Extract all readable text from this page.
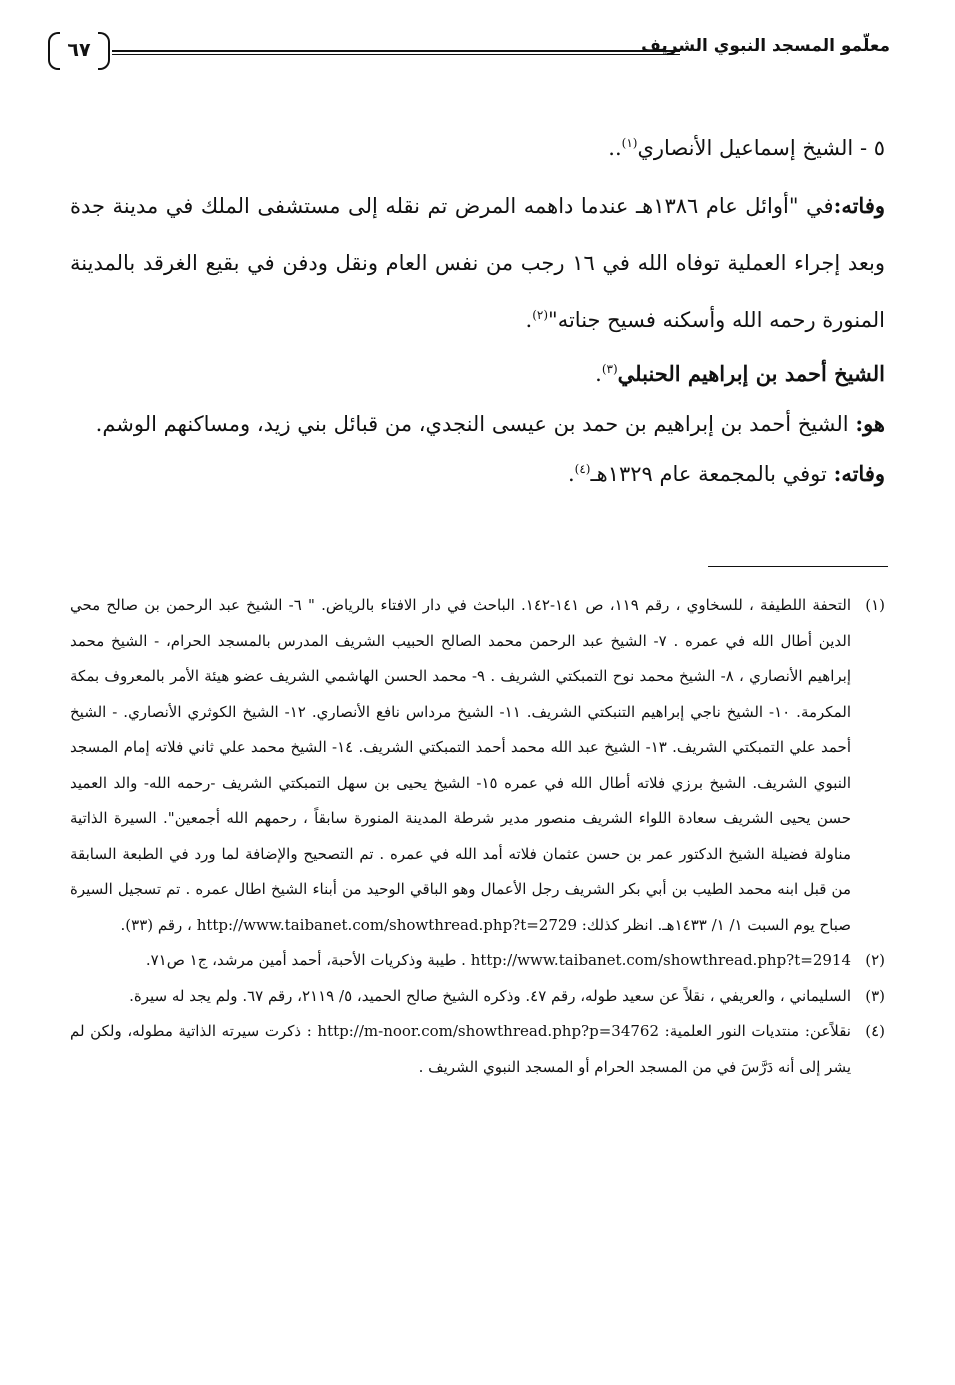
معلّمو المسجد النبوي الشريف
٦٧

٥ - الشيخ إسماعيل الأنصاري$^{(١)}$..

وفاته:في "أوائل عام ١٣٨٦هـ عندما داهمه المرض تم نقله إلى مستشفى الملك في مدينة جدة وبعد إجراء العملية توفاه الله في ١٦ رجب من نفس العام ونقل ودفن في بقيع الغرقد بالمدينة المنورة رحمه الله وأسكنه فسيح جناته"$^{(٢)}$.

الشيخ أحمد بن إبراهيم الحنبلي$^{(٣)}$.

هو: الشيخ أحمد بن إبراهيم بن حمد بن عيسى النجدي، من قبائل بني زيد، ومساكنهم الوشم.

وفاته: توفي بالمجمعة عام ١٣٢٩هـ$^{(٤)}$.

(١)
التحفة اللطيفة ، للسخاوي ، رقم ١١٩، ص ١٤١-١٤٢. الباحث في دار الافتاء بالرياض. " ٦- الشيخ عبد الرحمن بن صالح محي الدين أطال الله في عمره . ٧- الشيخ عبد الرحمن محمد الصالح الحبيب الشريف المدرس بالمسجد الحرام، - الشيخ محمد إبراهيم الأنصاري ، ٨- الشيخ محمد نوح التمبكتي الشريف . ٩- محمد الحسن الهاشمي الشريف عضو هيئة الأمر بالمعروف بمكة المكرمة. ١٠- الشيخ ناجي إبراهيم التنبكتي الشريف. ١١- الشيخ مرداس نافع الأنصاري. ١٢- الشيخ الكوثري الأنصاري. - الشيخ أحمد علي التمبكتي الشريف. ١٣- الشيخ عبد الله محمد أحمد التمبكتي الشريف. ١٤- الشيخ محمد علي ثاني فلاته إمام المسجد النبوي الشريف. الشيخ برزي فلاته أطال الله في عمره ١٥- الشيخ يحيى بن سهل التمبكتي الشريف -رحمه الله- والد العميد حسن يحيى الشريف سعادة اللواء الشريف منصور مدير شرطة المدينة المنورة سابقاً ، رحمهم الله أجمعين". السيرة الذاتية مناولة فضيلة الشيخ الدكتور عمر بن حسن عثمان فلاته أمد الله في عمره . تم التصحيح والإضافة لما ورد في الطبعة السابقة من قبل ابنه محمد الطيب بن أبي بكر الشريف رجل الأعمال وهو الباقي الوحيد من أبناء الشيخ اطال عمره . تم تسجيل السيرة صباح يوم السبت ١/ ١/ ١٤٣٣هـ. انظر كذلك: http://www.taibanet.com/showthread.php?t=2729 ، رقم (٣٣).

(٢)
http://www.taibanet.com/showthread.php?t=2914 . طيبة وذكريات الأحبة، أحمد أمين مرشد، ج١ ص٧١.

(٣)
السليماني ، والعريفي ، نقلاً عن سعيد طوله، رقم ٤٧. وذكره الشيخ صالح الحميد، ٥/ ٢١١٩، رقم ٦٧. ولم يجد له سيرة.

(٤)
نقلاًعن: منتديات النور العلمية: http://m-noor.com/showthread.php?p=34762 : ذكرت سيرته الذاتية مطوله، ولكن لم يشر إلى أنه دَرَّسَ في من المسجد الحرام أو المسجد النبوي الشريف .
